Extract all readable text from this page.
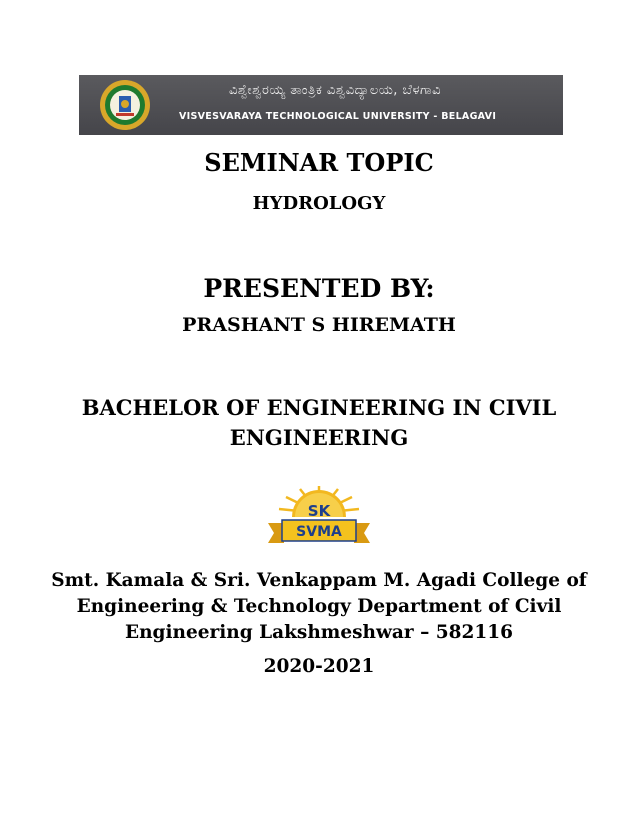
ವಿಶ್ವೇಶ್ವರಯ್ಯ ತಾಂತ್ರಿಕ ವಿಶ್ವವಿದ್ಯಾಲಯ, ಬೆಳಗಾವಿ
VISVESVARAYA TECHNOLOGICAL UNIVERSITY - BELAGAVI
SEMINAR TOPIC
HYDROLOGY
PRESENTED BY:
PRASHANT S HIREMATH
BACHELOR OF ENGINEERING IN CIVIL ENGINEERING
SK
SVMA
Smt. Kamala & Sri. Venkappam M. Agadi College of Engineering & Technology Department of Civil Engineering Lakshmeshwar – 582116
2020-2021
